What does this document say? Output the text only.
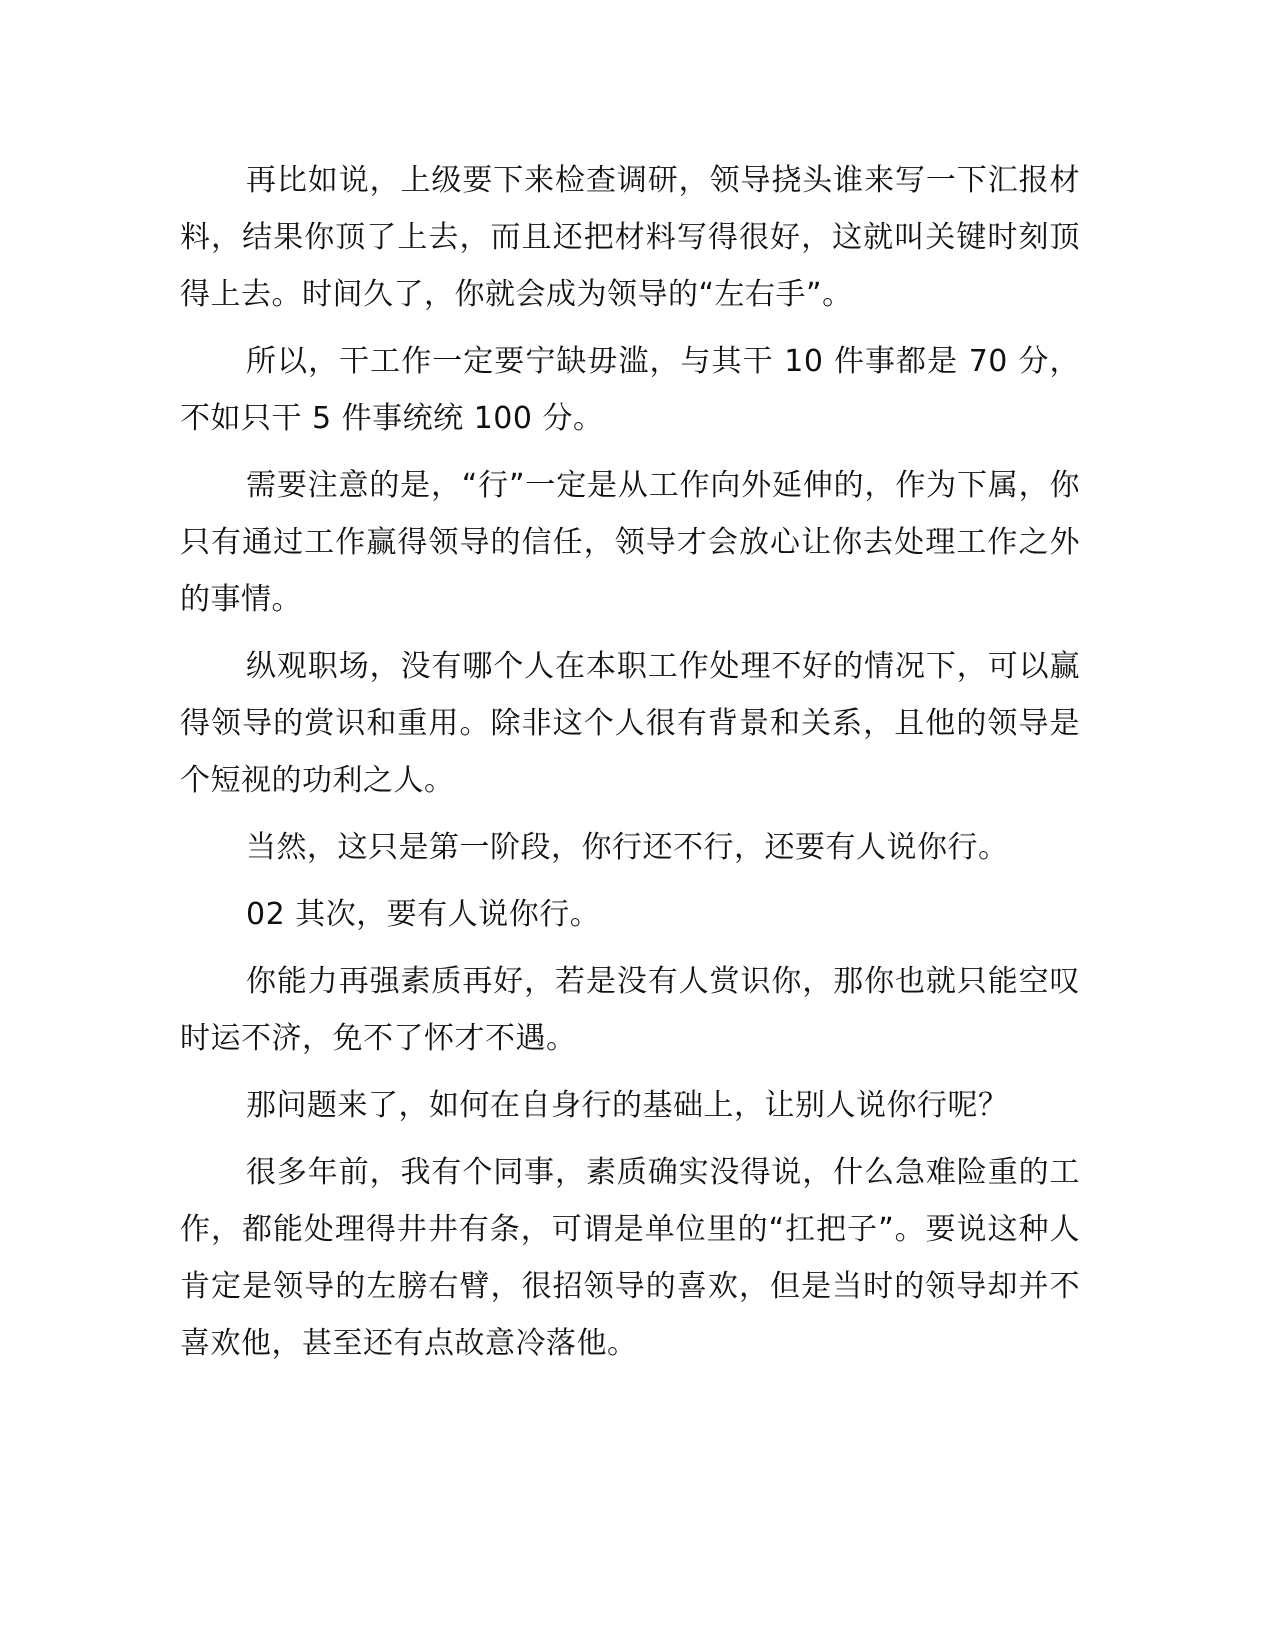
再比如说，上级要下来检查调研，领导挠头谁来写一下汇报材料，结果你顶了上去，而且还把材料写得很好，这就叫关键时刻顶得上去。时间久了，你就会成为领导的“左右手”。

所以，干工作一定要宁缺毋滥，与其干 10 件事都是 70 分，不如只干 5 件事统统 100 分。

需要注意的是，“行”一定是从工作向外延伸的，作为下属，你只有通过工作赢得领导的信任，领导才会放心让你去处理工作之外的事情。

纵观职场，没有哪个人在本职工作处理不好的情况下，可以赢得领导的赏识和重用。除非这个人很有背景和关系，且他的领导是个短视的功利之人。

当然，这只是第一阶段，你行还不行，还要有人说你行。

02 其次，要有人说你行。

你能力再强素质再好，若是没有人赏识你，那你也就只能空叹时运不济，免不了怀才不遇。

那问题来了，如何在自身行的基础上，让别人说你行呢？

很多年前，我有个同事，素质确实没得说，什么急难险重的工作，都能处理得井井有条，可谓是单位里的“扛把子”。要说这种人肯定是领导的左膀右臂，很招领导的喜欢，但是当时的领导却并不喜欢他，甚至还有点故意冷落他。
